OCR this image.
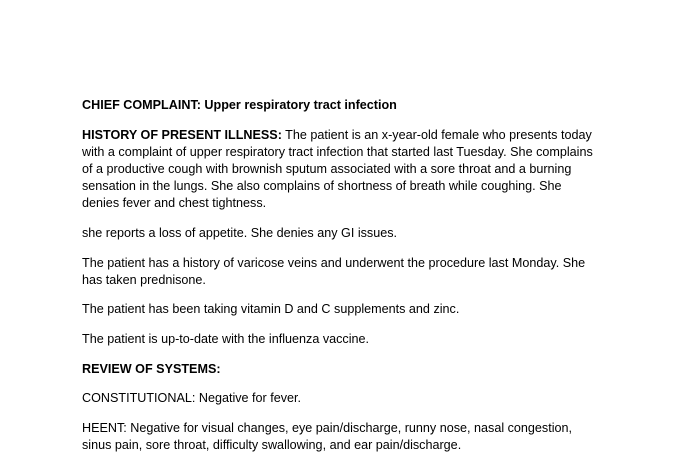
CHIEF COMPLAINT: Upper respiratory tract infection

HISTORY OF PRESENT ILLNESS: The patient is an x-year-old female who presents today with a complaint of upper respiratory tract infection that started last Tuesday. She complains of a productive cough with brownish sputum associated with a sore throat and a burning sensation in the lungs. She also complains of shortness of breath while coughing. She denies fever and chest tightness.

she reports a loss of appetite. She denies any GI issues.

The patient has a history of varicose veins and underwent the procedure last Monday. She has taken prednisone.

The patient has been taking vitamin D and C supplements and zinc.

The patient is up-to-date with the influenza vaccine.

REVIEW OF SYSTEMS:

CONSTITUTIONAL: Negative for fever.

HEENT: Negative for visual changes, eye pain/discharge, runny nose, nasal congestion, sinus pain, sore throat, difficulty swallowing, and ear pain/discharge.
